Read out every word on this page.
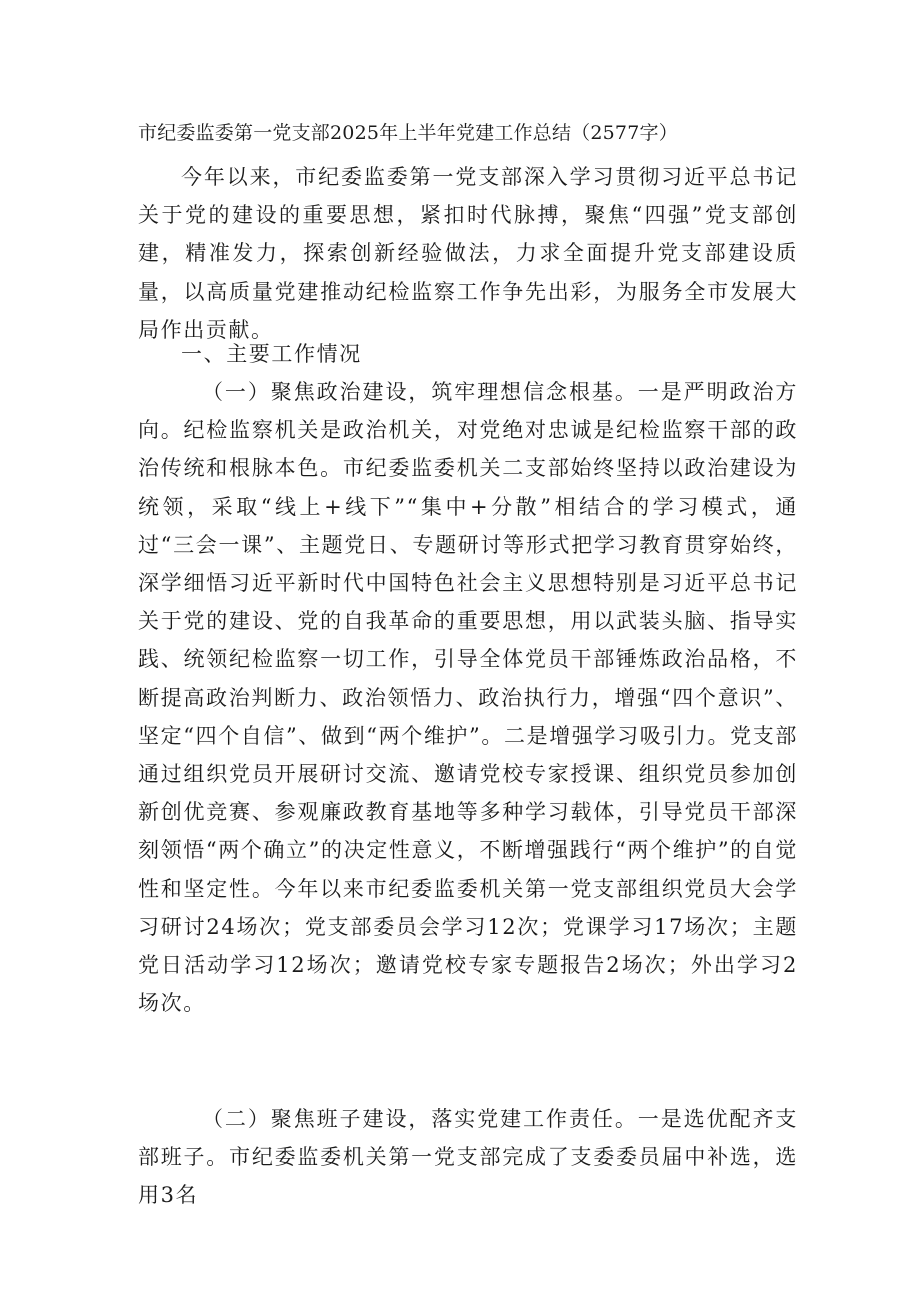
市纪委监委第一党支部2025年上半年党建工作总结（2577字）

今年以来，市纪委监委第一党支部深入学习贯彻习近平总书记关于党的建设的重要思想，紧扣时代脉搏，聚焦“四强”党支部创建，精准发力，探索创新经验做法，力求全面提升党支部建设质量，以高质量党建推动纪检监察工作争先出彩，为服务全市发展大局作出贡献。

一、主要工作情况

（一）聚焦政治建设，筑牢理想信念根基。一是严明政治方向。纪检监察机关是政治机关，对党绝对忠诚是纪检监察干部的政治传统和根脉本色。市纪委监委机关二支部始终坚持以政治建设为统领，采取“线上+线下”“集中+分散”相结合的学习模式，通过“三会一课”、主题党日、专题研讨等形式把学习教育贯穿始终，深学细悟习近平新时代中国特色社会主义思想特别是习近平总书记关于党的建设、党的自我革命的重要思想，用以武装头脑、指导实践、统领纪检监察一切工作，引导全体党员干部锤炼政治品格，不断提高政治判断力、政治领悟力、政治执行力，增强“四个意识”、坚定“四个自信”、做到“两个维护”。二是增强学习吸引力。党支部通过组织党员开展研讨交流、邀请党校专家授课、组织党员参加创新创优竞赛、参观廉政教育基地等多种学习载体，引导党员干部深刻领悟“两个确立”的决定性意义，不断增强践行“两个维护”的自觉性和坚定性。今年以来市纪委监委机关第一党支部组织党员大会学习研讨24场次；党支部委员会学习12次；党课学习17场次；主题党日活动学习12场次；邀请党校专家专题报告2场次；外出学习2场次。

（二）聚焦班子建设，落实党建工作责任。一是选优配齐支部班子。市纪委监委机关第一党支部完成了支委委员届中补选，选用3名
